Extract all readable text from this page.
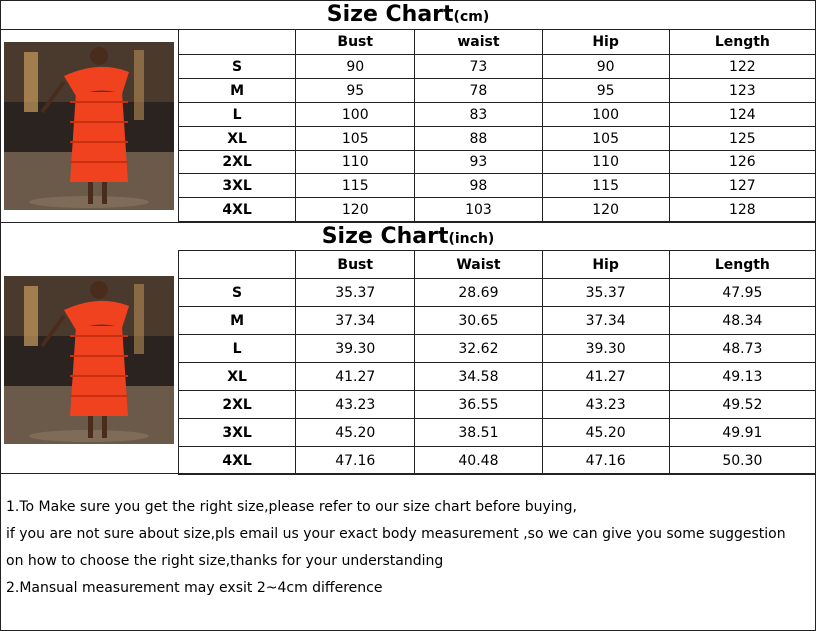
Size Chart(cm)
	Bust	waist	Hip	Length
S	90	73	90	122
M	95	78	95	123
L	100	83	100	124
XL	105	88	105	125
2XL	110	93	110	126
3XL	115	98	115	127
4XL	120	103	120	128
Size Chart(inch)
	Bust	Waist	Hip	Length
S	35.37	28.69	35.37	47.95
M	37.34	30.65	37.34	48.34
L	39.30	32.62	39.30	48.73
XL	41.27	34.58	41.27	49.13
2XL	43.23	36.55	43.23	49.52
3XL	45.20	38.51	45.20	49.91
4XL	47.16	40.48	47.16	50.30
1.To Make sure you get the right size,please refer to our size chart before buying,
if you are not sure about size,pls email us your exact body measurement ,so we can give you some suggestion
on how to choose the right size,thanks for your understanding
2.Mansual measurement may exsit 2~4cm difference
